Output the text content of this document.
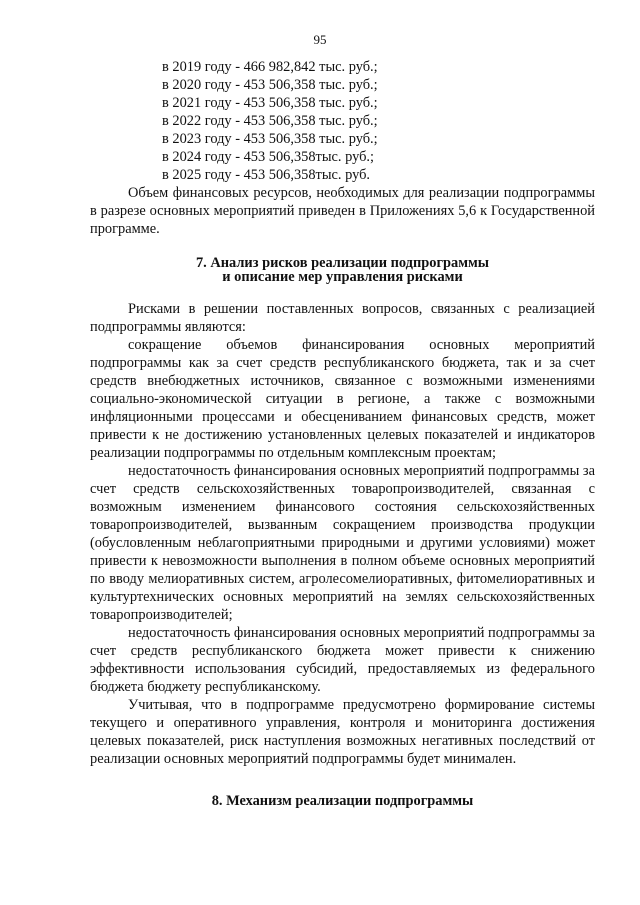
95
в 2019 году - 466 982,842 тыс. руб.;
в 2020 году - 453 506,358 тыс. руб.;
в 2021 году - 453 506,358 тыс. руб.;
в 2022 году - 453 506,358 тыс. руб.;
в 2023 году - 453 506,358 тыс. руб.;
в 2024 году - 453 506,358тыс. руб.;
в 2025 году - 453 506,358тыс. руб.

Объем финансовых ресурсов, необходимых для реализации подпрограммы в разрезе основных мероприятий приведен в Приложениях 5,6 к Государственной программе.

7. Анализ рисков реализации подпрограммы
и описание мер управления рисками

Рисками в решении поставленных вопросов, связанных с реализацией подпрограммы являются:

сокращение объемов финансирования основных мероприятий подпрограммы как за счет средств республиканского бюджета, так и за счет средств внебюджетных источников, связанное с возможными изменениями социально-экономической ситуации в регионе, а также с возможными инфляционными процессами и обесцениванием финансовых средств, может привести к не достижению установленных целевых показателей и индикаторов реализации подпрограммы по отдельным комплексным проектам;

недостаточность финансирования основных мероприятий подпрограммы за счет средств сельскохозяйственных товаропроизводителей, связанная с возможным изменением финансового состояния сельскохозяйственных товаропроизводителей, вызванным сокращением производства продукции (обусловленным неблагоприятными природными и другими условиями) может привести к невозможности выполнения в полном объеме основных мероприятий по вводу мелиоративных систем, агролесомелиоративных, фитомелиоративных и культуртехнических основных мероприятий на землях сельскохозяйственных товаропроизводителей;

недостаточность финансирования основных мероприятий подпрограммы за счет средств республиканского бюджета может привести к снижению эффективности использования субсидий, предоставляемых из федерального бюджета бюджету республиканскому.

Учитывая, что в подпрограмме предусмотрено формирование системы текущего и оперативного управления, контроля и мониторинга достижения целевых показателей, риск наступления возможных негативных последствий от реализации основных мероприятий подпрограммы будет минимален.

8. Механизм реализации подпрограммы
